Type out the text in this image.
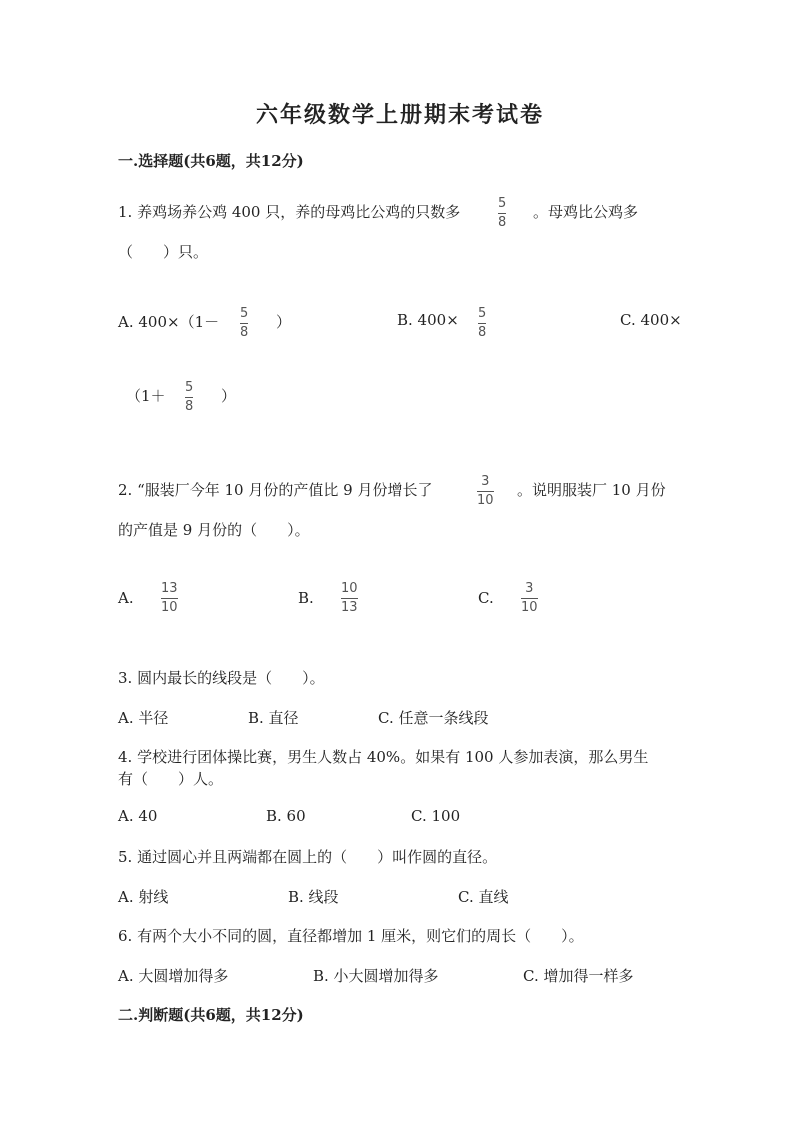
六年级数学上册期末考试卷
一.选择题(共6题，共12分)
1. 养鸡场养公鸡 400 只，养的母鸡比公鸡的只数多	5
8
。母鸡比公鸡多
（　　）只。
A. 400×（1－ 5
8
）	B. 400× 5
8
C. 400×
（1＋ 5
8
）
2. “服装厂今年 10 月份的产值比 9 月份增长了	3
10
。说明服装厂 10 月份
的产值是 9 月份的（　　）。
A.
13
10
B.
10
13
C.
3
10
3. 圆内最长的线段是（　　）。
A. 半径	B. 直径	C. 任意一条线段
4. 学校进行团体操比赛，男生人数占 40%。如果有 100 人参加表演，那么男生
有（　　）人。
A. 40	B. 60	C. 100
5. 通过圆心并且两端都在圆上的（　　）叫作圆的直径。
A. 射线	B. 线段	C. 直线
6. 有两个大小不同的圆，直径都增加 1 厘米，则它们的周长（　　）。
A. 大圆增加得多	B. 小大圆增加得多	C. 增加得一样多
二.判断题(共6题，共12分)
